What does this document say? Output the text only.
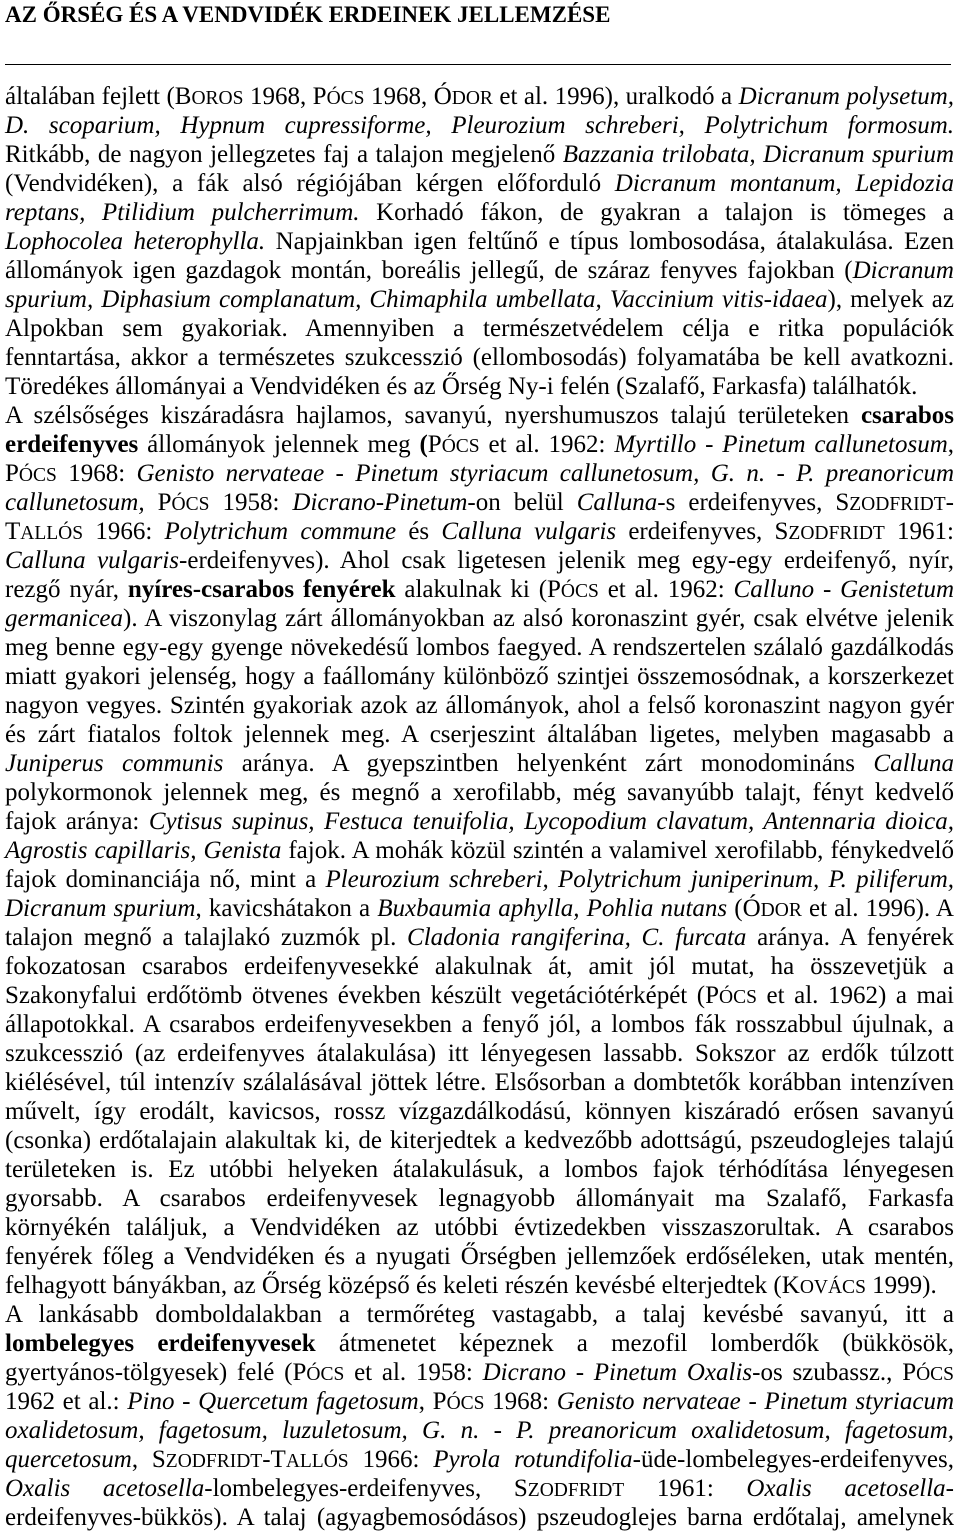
AZ ŐRSÉG ÉS A VENDVIDÉK ERDEINEK JELLEMZÉSE
általában fejlett (BOROS 1968, PÓCS 1968, ÓDOR et al. 1996), uralkodó a Dicranum polysetum,
D. scoparium, Hypnum cupressiforme, Pleurozium schreberi, Polytrichum formosum.
Ritkább, de nagyon jellegzetes faj a talajon megjelenő Bazzania trilobata, Dicranum spurium
(Vendvidéken), a fák alsó régiójában kérgen előforduló Dicranum montanum, Lepidozia
reptans, Ptilidium pulcherrimum. Korhadó fákon, de gyakran a talajon is tömeges a
Lophocolea heterophylla. Napjainkban igen feltűnő e típus lombosodása, átalakulása. Ezen
állományok igen gazdagok montán, boreális jellegű, de száraz fenyves fajokban (Dicranum
spurium, Diphasium complanatum, Chimaphila umbellata, Vaccinium vitis-idaea), melyek az
Alpokban sem gyakoriak. Amennyiben a természetvédelem célja e ritka populációk
fenntartása, akkor a természetes szukcesszió (ellombosodás) folyamatába be kell avatkozni.
Töredékes állományai a Vendvidéken és az Őrség Ny-i felén (Szalafő, Farkasfa) találhatók.
A szélsőséges kiszáradásra hajlamos, savanyú, nyershumuszos talajú területeken csarabos
erdeifenyves állományok jelennek meg (PÓCS et al. 1962: Myrtillo - Pinetum callunetosum,
PÓCS 1968: Genisto nervateae - Pinetum styriacum callunetosum, G. n. - P. preanoricum
callunetosum, PÓCS 1958: Dicrano-Pinetum-on belül Calluna-s erdeifenyves, SZODFRIDT-
TALLÓS 1966: Polytrichum commune és Calluna vulgaris erdeifenyves, SZODFRIDT 1961:
Calluna vulgaris-erdeifenyves). Ahol csak ligetesen jelenik meg egy-egy erdeifenyő, nyír,
rezgő nyár, nyíres-csarabos fenyérek alakulnak ki (PÓCS et al. 1962: Calluno - Genistetum
germanicea). A viszonylag zárt állományokban az alsó koronaszint gyér, csak elvétve jelenik
meg benne egy-egy gyenge növekedésű lombos faegyed. A rendszertelen szálaló gazdálkodás
miatt gyakori jelenség, hogy a faállomány különböző szintjei összemosódnak, a korszerkezet
nagyon vegyes. Szintén gyakoriak azok az állományok, ahol a felső koronaszint nagyon gyér
és zárt fiatalos foltok jelennek meg. A cserjeszint általában ligetes, melyben magasabb a
Juniperus communis aránya. A gyepszintben helyenként zárt monodomináns Calluna
polykormonok jelennek meg, és megnő a xerofilabb, még savanyúbb talajt, fényt kedvelő
fajok aránya: Cytisus supinus, Festuca tenuifolia, Lycopodium clavatum, Antennaria dioica,
Agrostis capillaris, Genista fajok. A mohák közül szintén a valamivel xerofilabb, fénykedvelő
fajok dominanciája nő, mint a Pleurozium schreberi, Polytrichum juniperinum, P. piliferum,
Dicranum spurium, kavicshátakon a Buxbaumia aphylla, Pohlia nutans (ÓDOR et al. 1996). A
talajon megnő a talajlakó zuzmók pl. Cladonia rangiferina, C. furcata aránya. A fenyérek
fokozatosan csarabos erdeifenyvesekké alakulnak át, amit jól mutat, ha összevetjük a
Szakonyfalui erdőtömb ötvenes években készült vegetációtérképét (PÓCS et al. 1962) a mai
állapotokkal. A csarabos erdeifenyvesekben a fenyő jól, a lombos fák rosszabbul újulnak, a
szukcesszió (az erdeifenyves átalakulása) itt lényegesen lassabb. Sokszor az erdők túlzott
kiélésével, túl intenzív szálalásával jöttek létre. Elsősorban a dombtetők korábban intenzíven
művelt, így erodált, kavicsos, rossz vízgazdálkodású, könnyen kiszáradó erősen savanyú
(csonka) erdőtalajain alakultak ki, de kiterjedtek a kedvezőbb adottságú, pszeudoglejes talajú
területeken is. Ez utóbbi helyeken átalakulásuk, a lombos fajok térhódítása lényegesen
gyorsabb. A csarabos erdeifenyvesek legnagyobb állományait ma Szalafő, Farkasfa
környékén találjuk, a Vendvidéken az utóbbi évtizedekben visszaszorultak. A csarabos
fenyérek főleg a Vendvidéken és a nyugati Őrségben jellemzőek erdőséleken, utak mentén,
felhagyott bányákban, az Őrség középső és keleti részén kevésbé elterjedtek (KOVÁCS 1999).
A lankásabb domboldalakban a termőréteg vastagabb, a talaj kevésbé savanyú, itt a
lombelegyes erdeifenyvesek átmenetet képeznek a mezofil lomberdők (bükkösök,
gyertyános-tölgyesek) felé (PÓCS et al. 1958: Dicrano - Pinetum Oxalis-os szubassz., PÓCS
1962 et al.: Pino - Quercetum fagetosum, PÓCS 1968: Genisto nervateae - Pinetum styriacum
oxalidetosum, fagetosum, luzuletosum, G. n. - P. preanoricum oxalidetosum, fagetosum,
quercetosum, SZODFRIDT-TALLÓS 1966: Pyrola rotundifolia-üde-lombelegyes-erdeifenyves,
Oxalis acetosella-lombelegyes-erdeifenyves, SZODFRIDT 1961: Oxalis acetosella-
erdeifenyves-bükkös). A talaj (agyagbemosódásos) pszeudoglejes barna erdőtalaj, amelynek
